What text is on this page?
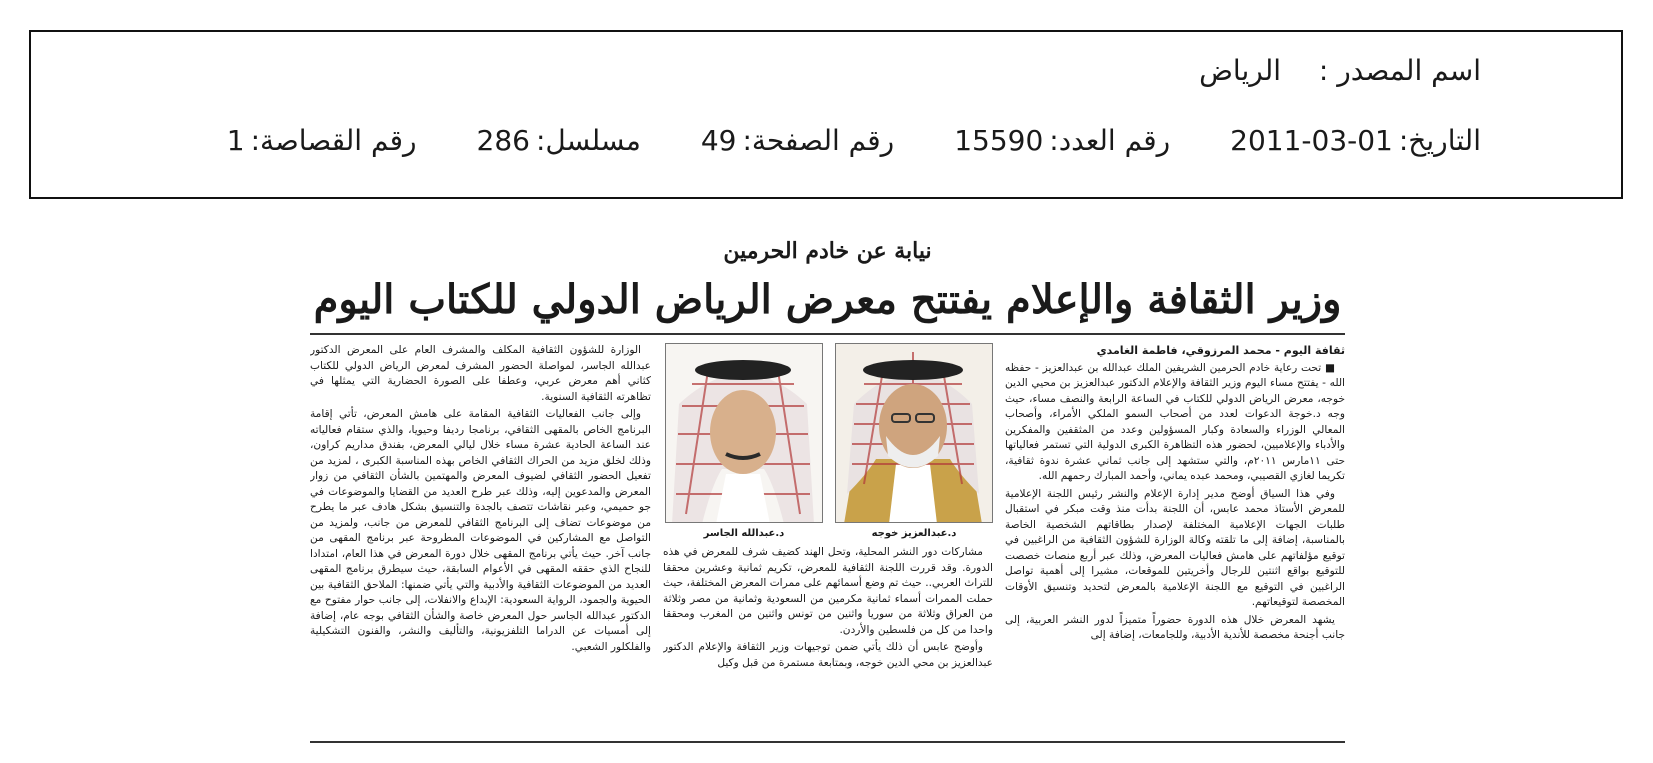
اسم المصدر :
الرياض
التاريخ:
2011-03-01
رقم العدد:
15590
رقم الصفحة:
49
مسلسل:
286
رقم القصاصة:
1
نيابة عن خادم الحرمين
وزير الثقافة والإعلام يفتتح معرض الرياض الدولي للكتاب اليوم

ثقافة اليوم - محمد المرزوقي، فاطمة الغامدي

■ تحت رعاية خادم الحرمين الشريفين الملك عبدالله بن عبدالعزيز - حفظه الله - يفتتح مساء اليوم وزير الثقافة والإعلام الدكتور عبدالعزيز بن محيي الدين خوجه، معرض الرياض الدولي للكتاب في الساعة الرابعة والنصف مساء، حيث وجه د.خوجة الدعوات لعدد من أصحاب السمو الملكي الأمراء، وأصحاب المعالي الوزراء والسعادة وكبار المسؤولين وعدد من المثقفين والمفكرين والأدباء والإعلاميين، لحضور هذه التظاهرة الكبرى الدولية التي تستمر فعالياتها حتى ١١مارس ٢٠١١م، والتي ستشهد إلى جانب ثماني عشرة ندوة ثقافية، تكريما لغازي القصيبي، ومحمد عبده يماني، وأحمد المبارك رحمهم الله.

وفي هذا السياق أوضح مدير إدارة الإعلام والنشر رئيس اللجنة الإعلامية للمعرض الأستاذ محمد عابس، أن اللجنة بدأت منذ وقت مبكر في استقبال طلبات الجهات الإعلامية المختلفة لإصدار بطاقاتهم الشخصية الخاصة بالمناسبة، إضافة إلى ما تلقته وكالة الوزارة للشؤون الثقافية من الراغبين في توقيع مؤلفاتهم على هامش فعاليات المعرض، وذلك عبر أربع منصات خصصت للتوقيع بواقع اثنتين للرجال وأخريتين للموقعات، مشيرا إلى أهمية تواصل الراغبين في التوقيع مع اللجنة الإعلامية بالمعرض لتحديد وتنسيق الأوقات المخصصة لتوقيعاتهم.

يشهد المعرض خلال هذه الدورة حضوراً متميزاً لدور النشر العربية، إلى جانب أجنحة مخصصة للأندية الأدبية، وللجامعات، إضافة إلى

د.عبدالعزيز خوجه
د.عبدالله الجاسر

مشاركات دور النشر المحلية، وتحل الهند كضيف شرف للمعرض في هذه الدورة. وقد قررت اللجنة الثقافية للمعرض، تكريم ثمانية وعشرين محققا للتراث العربي.. حيث تم وضع أسمائهم على ممرات المعرض المختلفة، حيث حملت الممرات أسماء ثمانية مكرمين من السعودية وثمانية من مصر وثلاثة من العراق وثلاثة من سوريا واثنين من تونس واثنين من المغرب ومحققا واحدا من كل من فلسطين والأردن.

وأوضح عابس أن ذلك يأتي ضمن توجيهات وزير الثقافة والإعلام الدكتور عبدالعزيز بن محي الدين خوجه، وبمتابعة مستمرة من قبل وكيل

الوزارة للشؤون الثقافية المكلف والمشرف العام على المعرض الدكتور عبدالله الجاسر، لمواصلة الحضور المشرف لمعرض الرياض الدولي للكتاب كثاني أهم معرض عربي، وعطفا على الصورة الحضارية التي يمثلها في تظاهرته الثقافية السنوية.

وإلى جانب الفعاليات الثقافية المقامة على هامش المعرض، تأتي إقامة البرنامج الخاص بالمقهى الثقافي، برنامجا رديفا وحيويا، والذي ستقام فعالياته عند الساعة الحادية عشرة مساء خلال ليالي المعرض، بفندق مداريم كراون، وذلك لخلق مزيد من الحراك الثقافي الخاص بهذه المناسبة الكبرى ، لمزيد من تفعيل الحضور الثقافي لضيوف المعرض والمهتمين بالشأن الثقافي من زوار المعرض والمدعوين إليه، وذلك عبر طرح العديد من القضايا والموضوعات في جو حميمي، وعبر نقاشات تتصف بالجدة والتنسيق بشكل هادف عبر ما يطرح من موضوعات تضاف إلى البرنامج الثقافي للمعرض من جانب، ولمزيد من التواصل مع المشاركين في الموضوعات المطروحة عبر برنامج المقهى من جانب آخر. حيث يأتي برنامج المقهى خلال دورة المعرض في هذا العام، امتدادا للنجاح الذي حققه المقهى في الأعوام السابقة، حيث سيطرق برنامج المقهى العديد من الموضوعات الثقافية والأدبية والتي يأتي ضمنها: الملاحق الثقافية بين الحيوية والجمود، الرواية السعودية: الإبداع والانفلات، إلى جانب حوار مفتوح مع الدكتور عبدالله الجاسر حول المعرض خاصة والشأن الثقافي بوجه عام، إضافة إلى أمسيات عن الدراما التلفزيونية، والتأليف والنشر، والفنون التشكيلية والفلكلور الشعبي.
